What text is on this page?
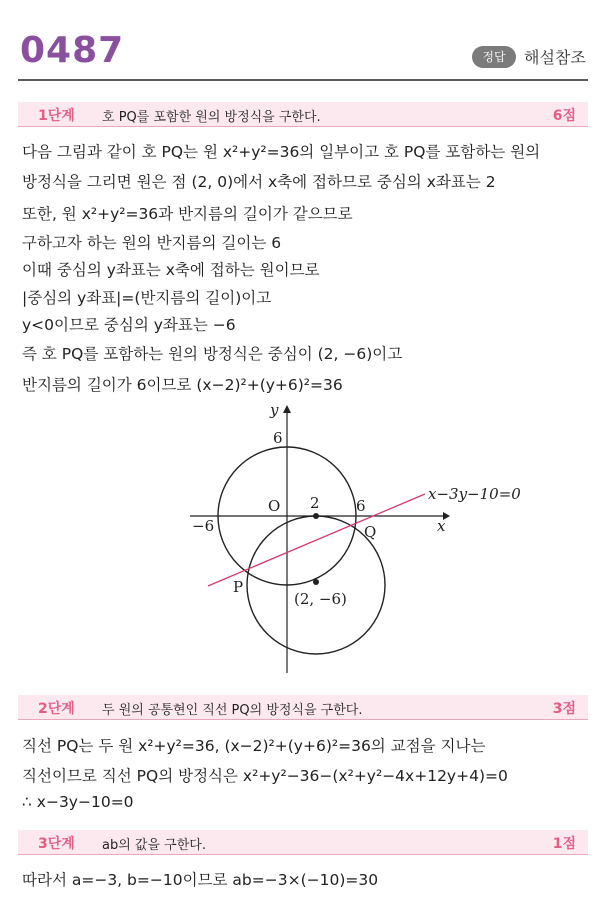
0487	정답	해설참조
1단계 호 PQ를 포함한 원의 방정식을 구한다.	6점
다음 그림과 같이 호 PQ는 원 x²+y²=36의 일부이고 호 PQ를 포함하는 원의
방정식을 그리면 원은 점 (2, 0)에서 x축에 접하므로 중심의 x좌표는 2
또한, 원 x²+y²=36과 반지름의 길이가 같으므로
구하고자 하는 원의 반지름의 길이는 6
이때 중심의 y좌표는 x축에 접하는 원이므로
|중심의 y좌표|=(반지름의 길이)이고
y<0이므로 중심의 y좌표는 −6
즉 호 PQ를 포함하는 원의 방정식은 중심이 (2, −6)이고
반지름의 길이가 6이므로 (x−2)²+(y+6)²=36
y
x
6
O 2 6
−6	Q
P
(2, −6)
x−3y−10=0
2단계 두 원의 공통현인 직선 PQ의 방정식을 구한다.	3점
직선 PQ는 두 원 x²+y²=36, (x−2)²+(y+6)²=36의 교점을 지나는
직선이므로 직선 PQ의 방정식은 x²+y²−36−(x²+y²−4x+12y+4)=0
∴ x−3y−10=0
3단계 ab의 값을 구한다.	1점
따라서 a=−3, b=−10이므로 ab=−3×(−10)=30
